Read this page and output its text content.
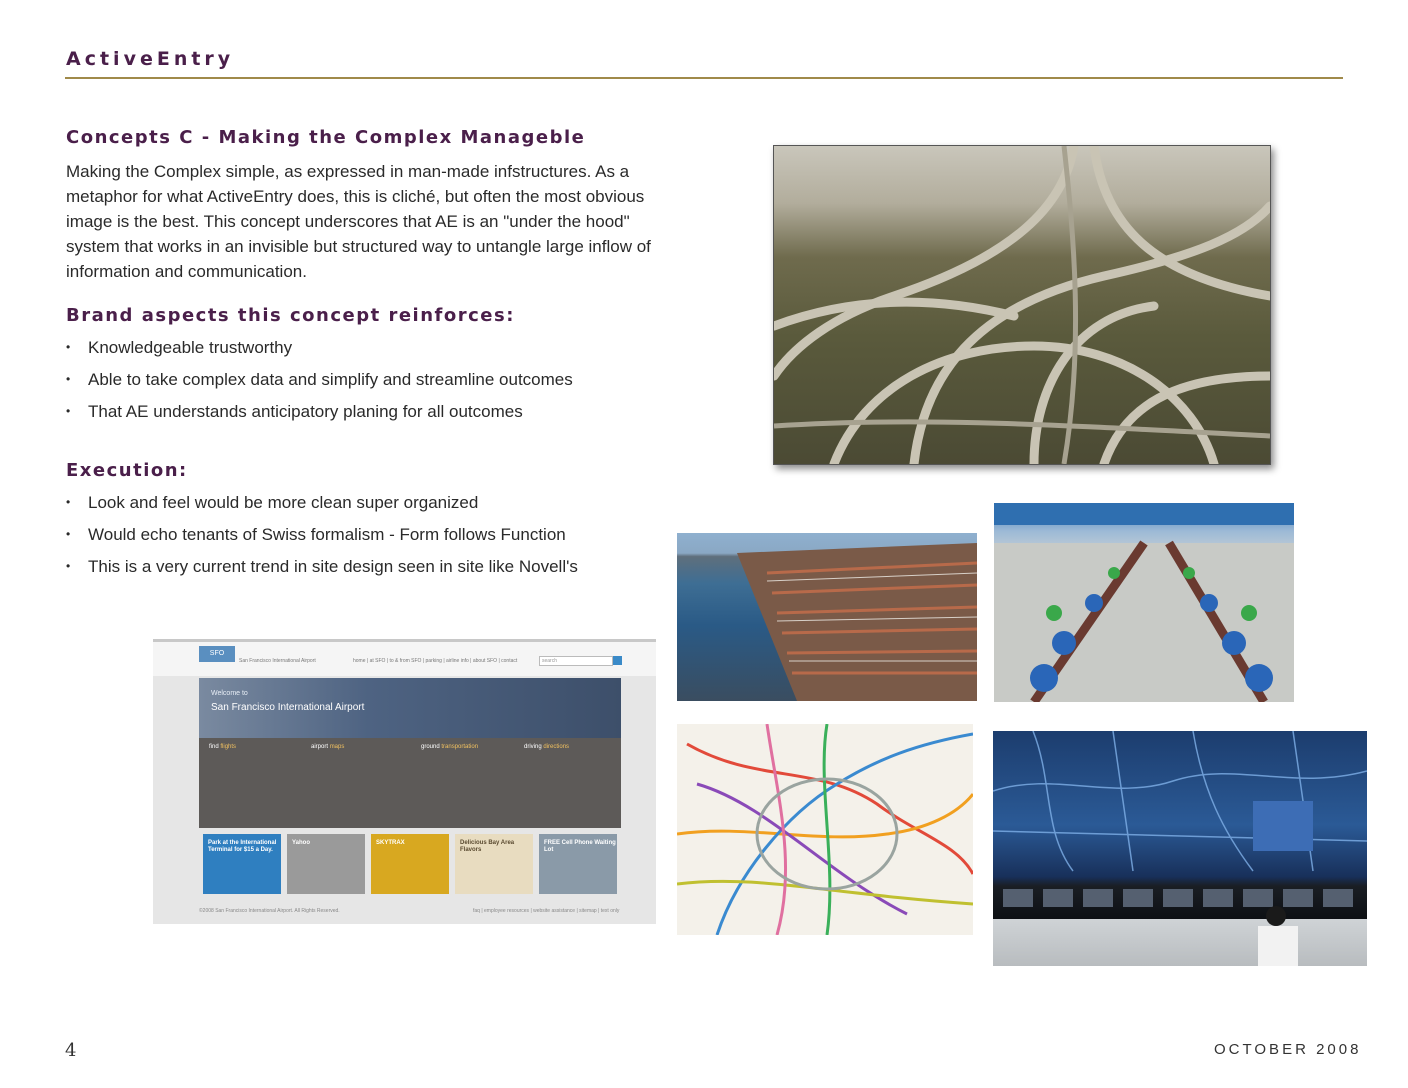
ActiveEntry
Concepts C - Making the Complex Manageble

Making the Complex simple, as expressed in man-made infstructures. As a metaphor for what ActiveEntry does, this is cliché, but often the most obvious image is the best. This concept underscores that AE is an "under the hood" system that works in an invisible but structured way to untangle large inflow of information and communication.

Brand aspects this concept reinforces:
•	Knowledgeable trustworthy
•	Able to take complex data and simplify and streamline outcomes
•	That AE understands anticipatory planing for all outcomes
Execution:
•	Look and feel would be more clean super organized
•	Would echo tenants of Swiss formalism - Form follows Function
•	This is a very current trend in site design seen in site like Novell's
SFO
San Francisco International Airport	home | at SFO | to & from SFO | parking | airline info | about SFO | contact	search
Welcome to
San Francisco International Airport
find flights	airport maps	ground transportation	driving directions
Park at the International Terminal for $15 a Day.
Yahoo	SKYTRAX	Delicious Bay Area Flavors
FREE Cell Phone Waiting Lot
©2008 San Francisco International Airport. All Rights Reserved.	faq | employee resources | website assistance | sitemap | text only
4	OCTOBER 2008
